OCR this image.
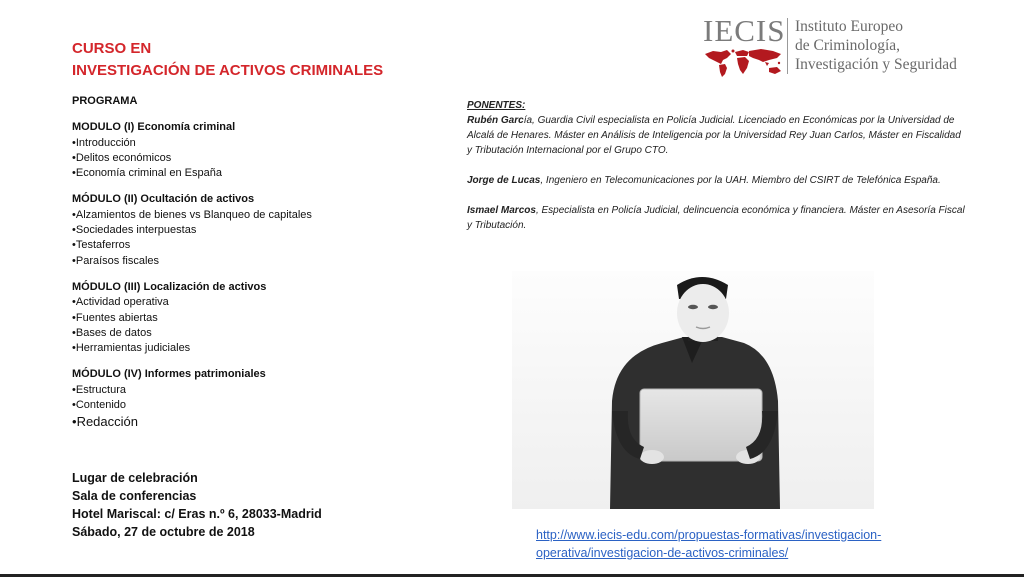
CURSO EN
INVESTIGACIÓN DE ACTIVOS CRIMINALES
PROGRAMA
MODULO (I) Economía criminal
• Introducción
• Delitos económicos
• Economía criminal en España
MÓDULO (II) Ocultación de activos
• Alzamientos de bienes vs Blanqueo de capitales
• Sociedades interpuestas
• Testaferros
• Paraísos fiscales
MÓDULO (III) Localización de activos
• Actividad operativa
• Fuentes abiertas
• Bases de datos
• Herramientas judiciales
MÓDULO (IV) Informes patrimoniales
• Estructura
• Contenido
• Redacción
Lugar de celebración
Sala de conferencias
Hotel Mariscal: c/ Eras n.º 6, 28033-Madrid
Sábado, 27 de octubre de 2018
IECIS Instituto Europeo
de Criminología,
Investigación y Seguridad
PONENTES:

Rubén García, Guardia Civil especialista en Policía Judicial. Licenciado en Económicas por la Universidad de Alcalá de Henares. Máster en Análisis de Inteligencia por la Universidad Rey Juan Carlos, Máster en Fiscalidad y Tributación Internacional por el Grupo CTO.

Jorge de Lucas, Ingeniero en Telecomunicaciones por la UAH. Miembro del CSIRT de Telefónica España.

Ismael Marcos, Especialista en Policía Judicial, delincuencia económica y financiera. Máster en Asesoría Fiscal y Tributación.

http://www.iecis-edu.com/propuestas-formativas/investigacion-
operativa/investigacion-de-activos-criminales/
